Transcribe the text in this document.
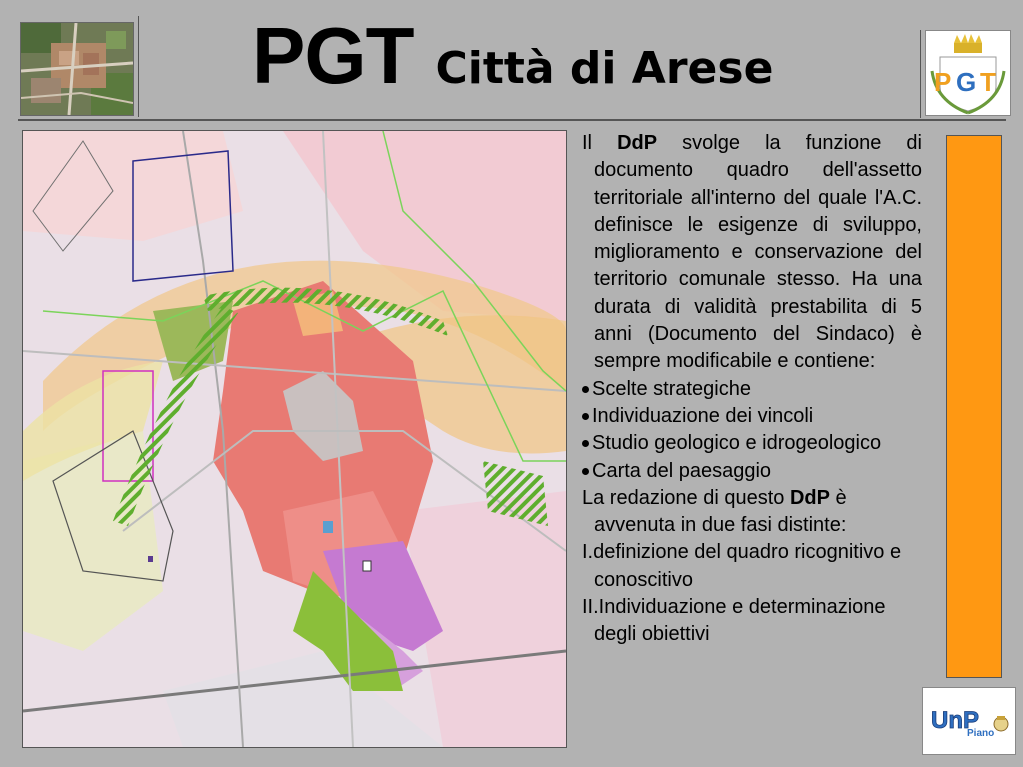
PGT Città di Arese	P G T

Il DdP svolge la funzione di documento quadro dell'assetto territoriale all'interno del quale l'A.C. definisce le esigenze di sviluppo, miglioramento e conservazione del territorio comunale stesso. Ha una durata di validità prestabilita di 5 anni (Documento del Sindaco) è sempre modificabile e contiene:

Scelte strategiche

Individuazione dei vincoli

Studio geologico e idrogeologico

Carta del paesaggio

La redazione di questo DdP è avvenuta in due fasi distinte:

I.definizione del quadro ricognitivo e conoscitivo

II.Individuazione e determinazione degli obiettivi

UnP
Piano
